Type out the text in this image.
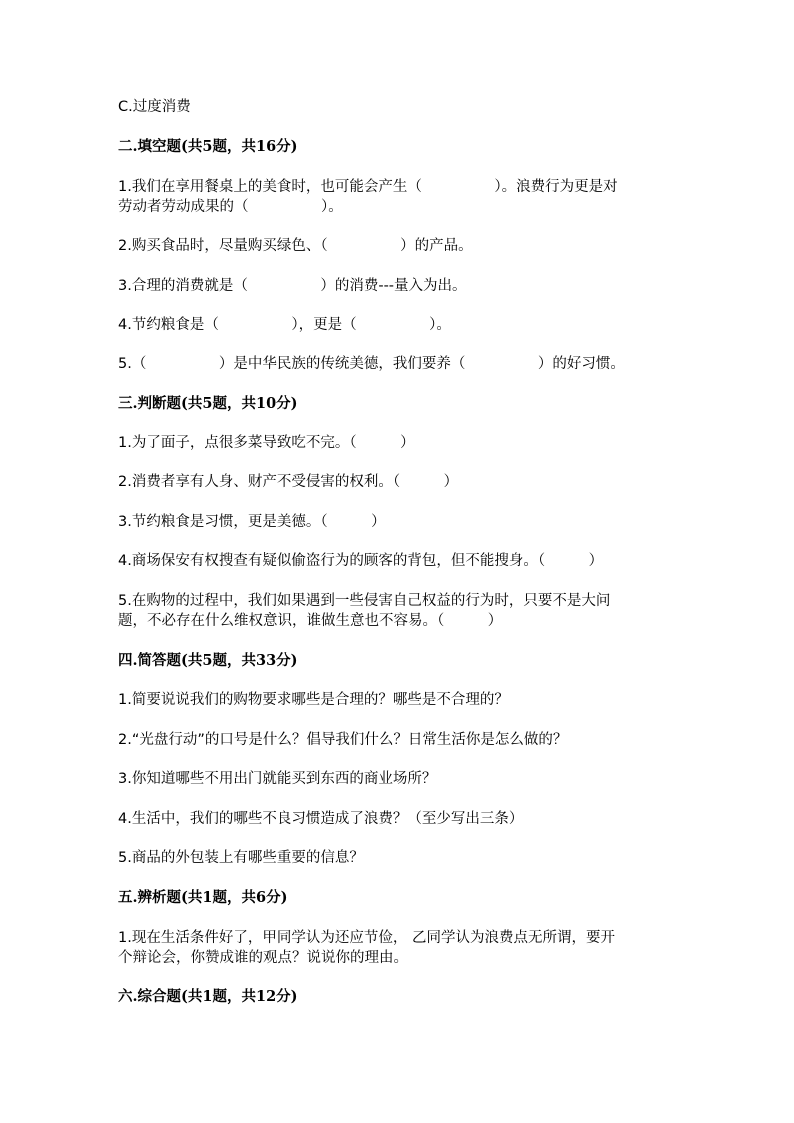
C.过度消费
二.填空题(共5题，共16分)
1.我们在享用餐桌上的美食时，也可能会产生（　　　　　）。浪费行为更是对
劳动者劳动成果的（　　　　　）。
2.购买食品时，尽量购买绿色、（　　　　　）的产品。
3.合理的消费就是（　　　　　）的消费---量入为出。
4.节约粮食是（　　　　　），更是（　　　　　）。
5.（　　　　　）是中华民族的传统美德，我们要养（　　　　　）的好习惯。
三.判断题(共5题，共10分)
1.为了面子，点很多菜导致吃不完。（　　　）
2.消费者享有人身、财产不受侵害的权利。（　　　）
3.节约粮食是习惯，更是美德。（　　　）
4.商场保安有权搜查有疑似偷盗行为的顾客的背包，但不能搜身。（　　　）
5.在购物的过程中，我们如果遇到一些侵害自己权益的行为时，只要不是大问
题，不必存在什么维权意识，谁做生意也不容易。（　　　）
四.简答题(共5题，共33分)
1.简要说说我们的购物要求哪些是合理的？哪些是不合理的？
2.“光盘行动”的口号是什么？倡导我们什么？日常生活你是怎么做的？
3.你知道哪些不用出门就能买到东西的商业场所？
4.生活中，我们的哪些不良习惯造成了浪费？（至少写出三条）
5.商品的外包装上有哪些重要的信息？
五.辨析题(共1题，共6分)
1.现在生活条件好了，甲同学认为还应节俭， 乙同学认为浪费点无所谓，要开
个辩论会，你赞成谁的观点？说说你的理由。
六.综合题(共1题，共12分)
